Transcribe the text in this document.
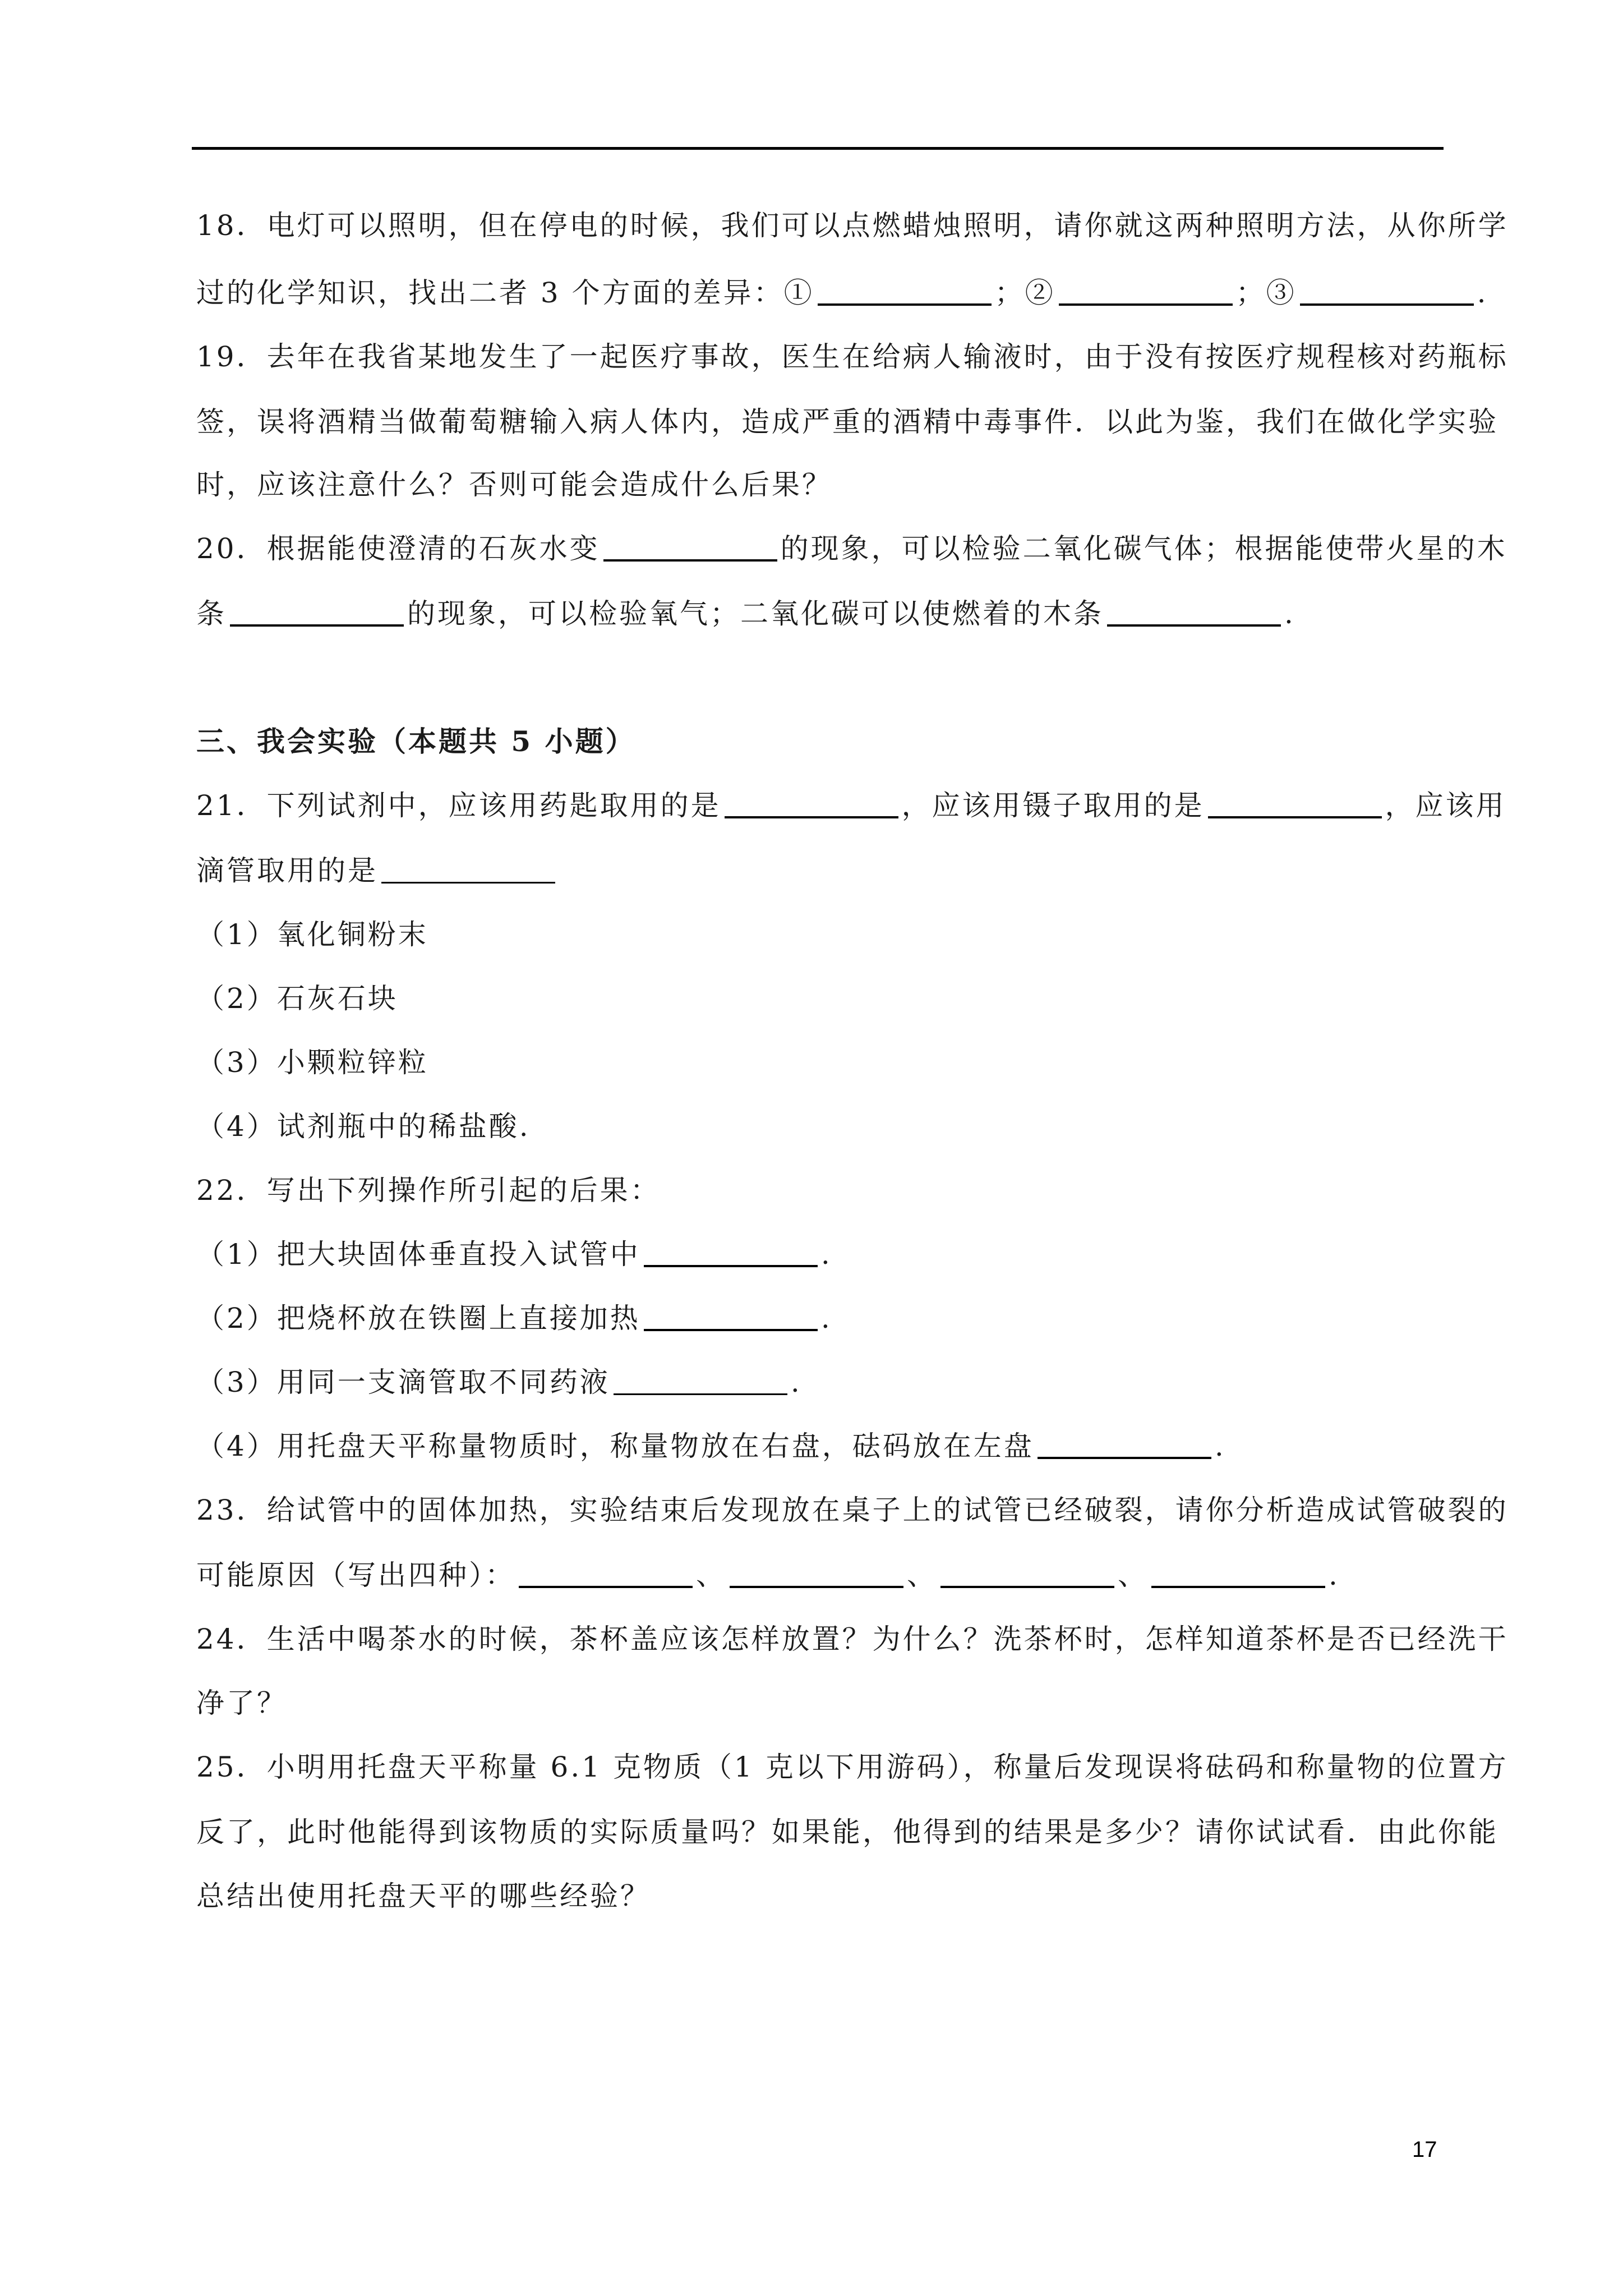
18．电灯可以照明，但在停电的时候，我们可以点燃蜡烛照明，请你就这两种照明方法，从你所学
过的化学知识，找出二者 3 个方面的差异：①	；②	；③	.
19．去年在我省某地发生了一起医疗事故，医生在给病人输液时，由于没有按医疗规程核对药瓶标
签，误将酒精当做葡萄糖输入病人体内，造成严重的酒精中毒事件．以此为鉴，我们在做化学实验
时，应该注意什么？否则可能会造成什么后果？
20．根据能使澄清的石灰水变	的现象，可以检验二氧化碳气体；根据能使带火星的木
条	的现象，可以检验氧气；二氧化碳可以使燃着的木条	.
三、我会实验（本题共 5 小题）
21．下列试剂中，应该用药匙取用的是	，应该用镊子取用的是	，应该用
滴管取用的是
（1）氧化铜粉末
（2）石灰石块
（3）小颗粒锌粒
（4）试剂瓶中的稀盐酸.
22．写出下列操作所引起的后果：
（1）把大块固体垂直投入试管中	.
（2）把烧杯放在铁圈上直接加热	.
（3）用同一支滴管取不同药液	.
（4）用托盘天平称量物质时，称量物放在右盘，砝码放在左盘	.
23．给试管中的固体加热，实验结束后发现放在桌子上的试管已经破裂，请你分析造成试管破裂的
可能原因（写出四种）：	、	、	、	.
24．生活中喝茶水的时候，茶杯盖应该怎样放置？为什么？洗茶杯时，怎样知道茶杯是否已经洗干
净了？
25．小明用托盘天平称量 6.1 克物质（1 克以下用游码），称量后发现误将砝码和称量物的位置方
反了，此时他能得到该物质的实际质量吗？如果能，他得到的结果是多少？请你试试看．由此你能
总结出使用托盘天平的哪些经验？
17
